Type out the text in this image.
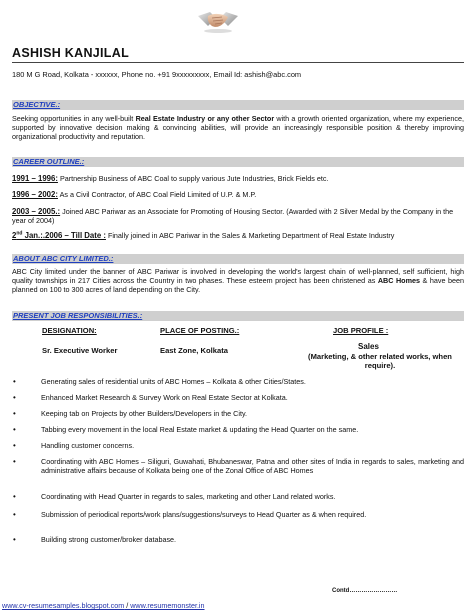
ASHISH KANJILAL
180 M G Road, Kolkata - xxxxxx, Phone no. +91 9xxxxxxxxx, Email Id: ashish@abc.com
OBJECTIVE.:
Seeking opportunities in any well-built Real Estate Industry or any other Sector with a growth oriented organization, where my experience, supported by innovative decision making & convincing abilities, will provide an increasingly responsible position & thereby improving organizational productivity and reputation.
CAREER OUTLINE.:
1991 – 1996: Partnership Business of ABC Coal to supply various Jute Industries, Brick Fields etc.
1996 – 2002: As a Civil Contractor, of ABC Coal Field Limited of U.P. & M.P.
2003 – 2005.: Joined ABC Pariwar as an Associate for Promoting of Housing Sector. (Awarded with 2 Silver Medal by the Company in the year of 2004)
2nd Jan.:.2006 – Till Date : Finally joined in ABC Pariwar in the Sales & Marketing Department of Real Estate Industry
ABOUT ABC CITY LIMITED.:
ABC City limited under the banner of ABC Pariwar is involved in developing the world's largest chain of well-planned, self sufficient, high quality townships in 217 Cities across the Country in two phases. These esteem project has been christened as ABC Homes & have been planned on 100 to 300 acres of land depending on the City.
PRESENT JOB RESPONSIBILITIES.:
DESIGNATION:	PLACE OF POSTING.:	JOB PROFILE :
Sr. Executive Worker	East Zone, Kolkata	Sales
(Marketing, & other related works, when require).
•	Generating sales of residential units of ABC Homes – Kolkata & other Cities/States.
•	Enhanced Market Research & Survey Work on Real Estate Sector at Kolkata.
•	Keeping tab on Projects by other Builders/Developers in the City.
•	Tabbing every movement in the local Real Estate market & updating the Head Quarter on the same.
•	Handling customer concerns.
•	Coordinating with ABC Homes – Siliguri, Guwahati, Bhubaneswar, Patna and other sites of India in regards to sales, marketing and administrative affairs because of Kolkata being one of the Zonal Office of ABC Homes
•	Coordinating with Head Quarter in regards to sales, marketing and other Land related works.
•	Submission of periodical reports/work plans/suggestions/surveys to Head Quarter as & when required.
•	Building strong customer/broker database.
Contd……………………
www.cv-resumesamples.blogspot.com / www.resumemonster.in
